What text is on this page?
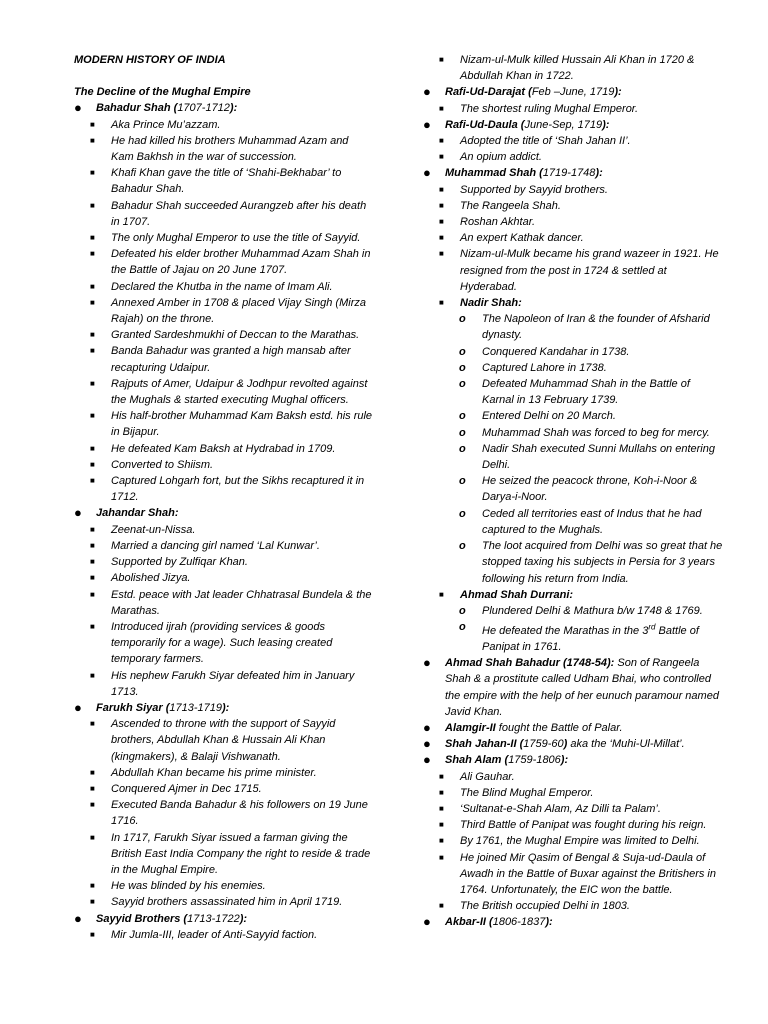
MODERN HISTORY OF INDIA
The Decline of the Mughal Empire
●	Bahadur Shah (1707-1712):
■	Aka Prince Mu’azzam.
■	He had killed his brothers Muhammad Azam and Kam Bakhsh in the war of succession.
■	Khafi Khan gave the title of ‘Shahi-Bekhabar’ to Bahadur Shah.
■	Bahadur Shah succeeded Aurangzeb after his death in 1707.
■	The only Mughal Emperor to use the title of Sayyid.
■	Defeated his elder brother Muhammad Azam Shah in the Battle of Jajau on 20 June 1707.
■	Declared the Khutba in the name of Imam Ali.
■	Annexed Amber in 1708 & placed Vijay Singh (Mirza Rajah) on the throne.
■	Granted Sardeshmukhi of Deccan to the Marathas.
■	Banda Bahadur was granted a high mansab after recapturing Udaipur.
■	Rajputs of Amer, Udaipur & Jodhpur revolted against the Mughals & started executing Mughal officers.
■	His half-brother Muhammad Kam Baksh estd. his rule in Bijapur.
■	He defeated Kam Baksh at Hydrabad in 1709.
■	Converted to Shiism.
■	Captured Lohgarh fort, but the Sikhs recaptured it in 1712.
●	Jahandar Shah:
■	Zeenat-un-Nissa.
■	Married a dancing girl named ‘Lal Kunwar’.
■	Supported by Zulfiqar Khan.
■	Abolished Jizya.
■	Estd. peace with Jat leader Chhatrasal Bundela & the Marathas.
■	Introduced ijrah (providing services & goods temporarily for a wage). Such leasing created temporary farmers.
■	His nephew Farukh Siyar defeated him in January 1713.
●	Farukh Siyar (1713-1719):
■	Ascended to throne with the support of Sayyid brothers, Abdullah Khan & Hussain Ali Khan (kingmakers), & Balaji Vishwanath.
■	Abdullah Khan became his prime minister.
■	Conquered Ajmer in Dec 1715.
■	Executed Banda Bahadur & his followers on 19 June 1716.
■	In 1717, Farukh Siyar issued a farman giving the British East India Company the right to reside & trade in the Mughal Empire.
■	He was blinded by his enemies.
■	Sayyid brothers assassinated him in April 1719.
●	Sayyid Brothers (1713-1722):
■	Mir Jumla-III, leader of Anti-Sayyid faction.
■	Nizam-ul-Mulk killed Hussain Ali Khan in 1720 & Abdullah Khan in 1722.
●	Rafi-Ud-Darajat (Feb –June, 1719):
■	The shortest ruling Mughal Emperor.
●	Rafi-Ud-Daula (June-Sep, 1719):
■	Adopted the title of ‘Shah Jahan II’.
■	An opium addict.
●	Muhammad Shah (1719-1748):
■	Supported by Sayyid brothers.
■	The Rangeela Shah.
■	Roshan Akhtar.
■	An expert Kathak dancer.
■	Nizam-ul-Mulk became his grand wazeer in 1921. He resigned from the post in 1724 & settled at Hyderabad.
■	Nadir Shah:
o	The Napoleon of Iran & the founder of Afsharid dynasty.
o	Conquered Kandahar in 1738.
o	Captured Lahore in 1738.
o	Defeated Muhammad Shah in the Battle of Karnal in 13 February 1739.
o	Entered Delhi on 20 March.
o	Muhammad Shah was forced to beg for mercy.
o	Nadir Shah executed Sunni Mullahs on entering Delhi.
o	He seized the peacock throne, Koh-i-Noor & Darya-i-Noor.
o	Ceded all territories east of Indus that he had captured to the Mughals.
o	The loot acquired from Delhi was so great that he stopped taxing his subjects in Persia for 3 years following his return from India.
■	Ahmad Shah Durrani:
o	Plundered Delhi & Mathura b/w 1748 & 1769.
o	He defeated the Marathas in the 3rd Battle of Panipat in 1761.
●	Ahmad Shah Bahadur (1748-54): Son of Rangeela Shah & a prostitute called Udham Bhai, who controlled the empire with the help of her eunuch paramour named Javid Khan.
●	Alamgir-II fought the Battle of Palar.
●	Shah Jahan-II (1759-60) aka the ‘Muhi-Ul-Millat’.
●	Shah Alam (1759-1806):
■	Ali Gauhar.
■	The Blind Mughal Emperor.
■	‘Sultanat-e-Shah Alam, Az Dilli ta Palam’.
■	Third Battle of Panipat was fought during his reign.
■	By 1761, the Mughal Empire was limited to Delhi.
■	He joined Mir Qasim of Bengal & Suja-ud-Daula of Awadh in the Battle of Buxar against the Britishers in 1764. Unfortunately, the EIC won the battle.
■	The British occupied Delhi in 1803.
●	Akbar-II (1806-1837):
